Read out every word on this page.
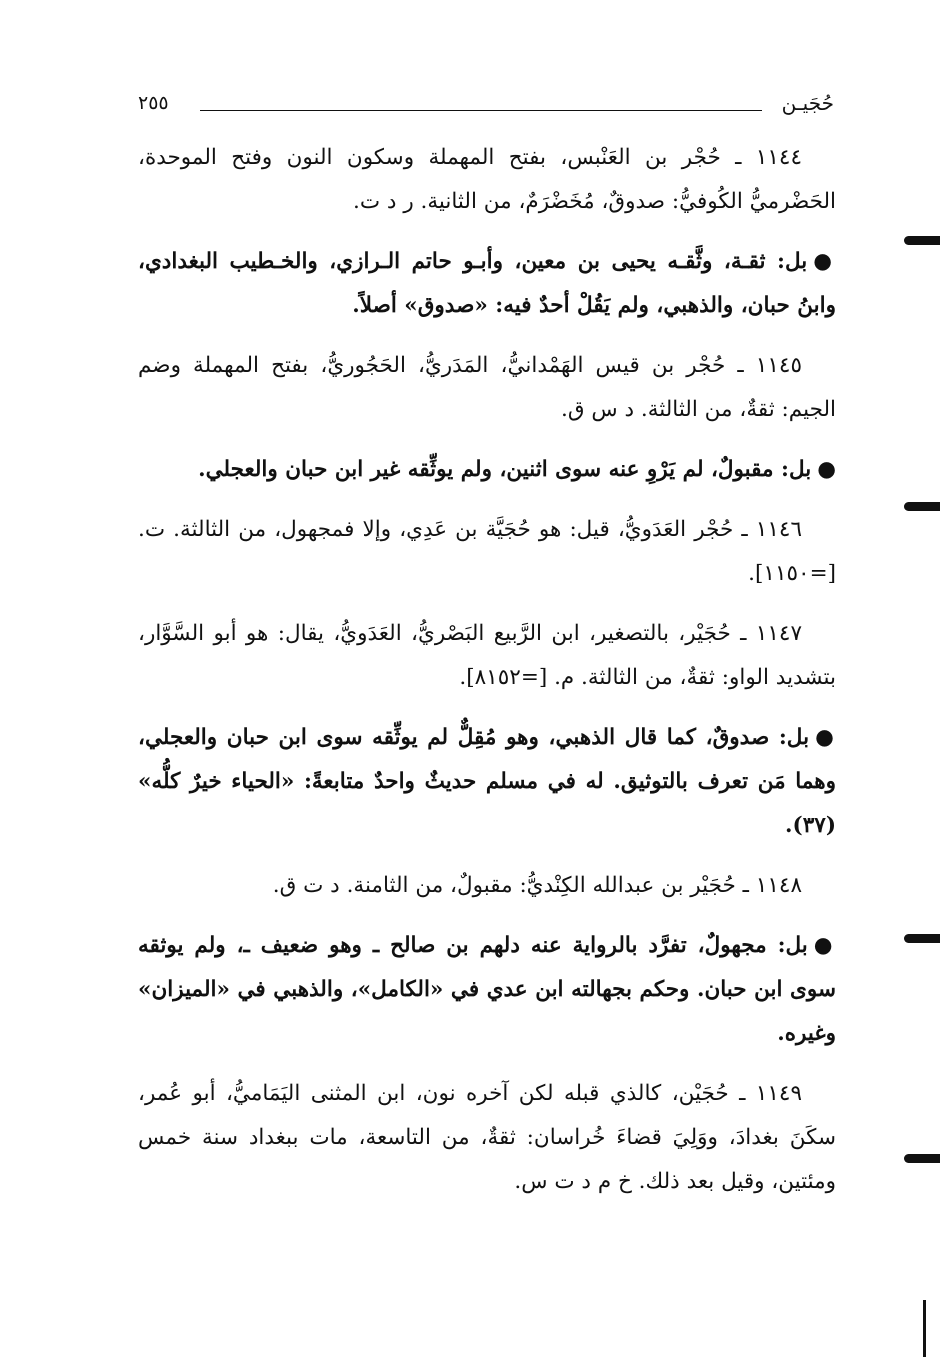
حُجَيـن
٢٥٥

١١٤٤ ـ حُجْر بن العَنْبس، بفتح المهملة وسكون النون وفتح الموحدة، الحَضْرميُّ الكُوفيُّ: صدوقٌ، مُخَضْرَمٌ، من الثانية. ر د ت.

●بل: ثقـة، وثَّقـه يحيى بن معين، وأبـو حاتم الـرازي، والخـطيب البغدادي، وابنُ حبان، والذهبي، ولم يَقُلْ أحدٌ فيه: «صدوق» أصلاً.

١١٤٥ ـ حُجْر بن قيس الهَمْدانيُّ، المَدَريُّ، الحَجُوريُّ، بفتح المهملة وضم الجيم: ثقةٌ، من الثالثة. د س ق.

●بل: مقبولٌ، لم يَرْوِ عنه سوى اثنين، ولم يوثِّقه غير ابن حبان والعجلي.

١١٤٦ ـ حُجْر العَدَويُّ، قيل: هو حُجَيَّة بن عَدِي، وإلا فمجهول، من الثالثة. ت. [=١١٥٠].

١١٤٧ ـ حُجَيْر، بالتصغير، ابن الرَّبيع البَصْريُّ، العَدَويُّ، يقال: هو أبو السَّوَّار، بتشديد الواو: ثقةٌ، من الثالثة. م. [=٨١٥٢].

●بل: صدوقٌ، كما قال الذهبي، وهو مُقِلٌّ لم يوثِّقه سوى ابن حبان والعجلي، وهما مَن تعرف بالتوثيق. له في مسلم حديثٌ واحدٌ متابعةً: «الحياء خيرٌ كلُّه» (٣٧).

١١٤٨ ـ حُجَيْر بن عبدالله الكِنْديُّ: مقبولٌ، من الثامنة. د ت ق.

●بل: مجهولٌ، تفرَّد بالرواية عنه دلهم بن صالح ـ وهو ضعيف ـ، ولم يوثقه سوى ابن حبان. وحكم بجهالته ابن عدي في «الكامل»، والذهبي في «الميزان» وغيره.

١١٤٩ ـ حُجَيْن، كالذي قبله لكن آخره نون، ابن المثنى اليَمَاميُّ، أبو عُمر، سكَنَ بغدادَ، ووَلِيَ قضاءَ خُراسان: ثقةٌ، من التاسعة، مات ببغداد سنة خمس ومئتين، وقيل بعد ذلك. خ م د ت س.
